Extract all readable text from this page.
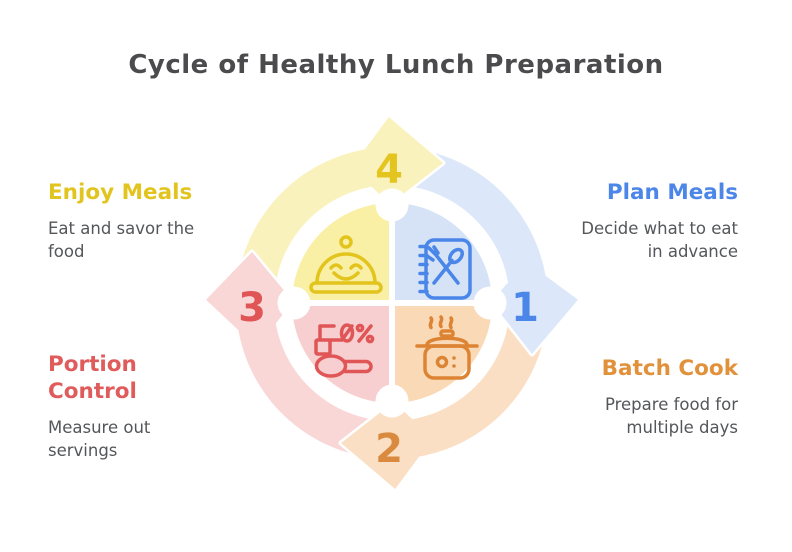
Cycle of Healthy Lunch Preparation
1
2
3
4	Plan Meals
Decide what to eat
in advance
Batch Cook
Prepare food for
multiple days
Portion
Control
Measure out
servings
Enjoy Meals
Eat and savor the
food
